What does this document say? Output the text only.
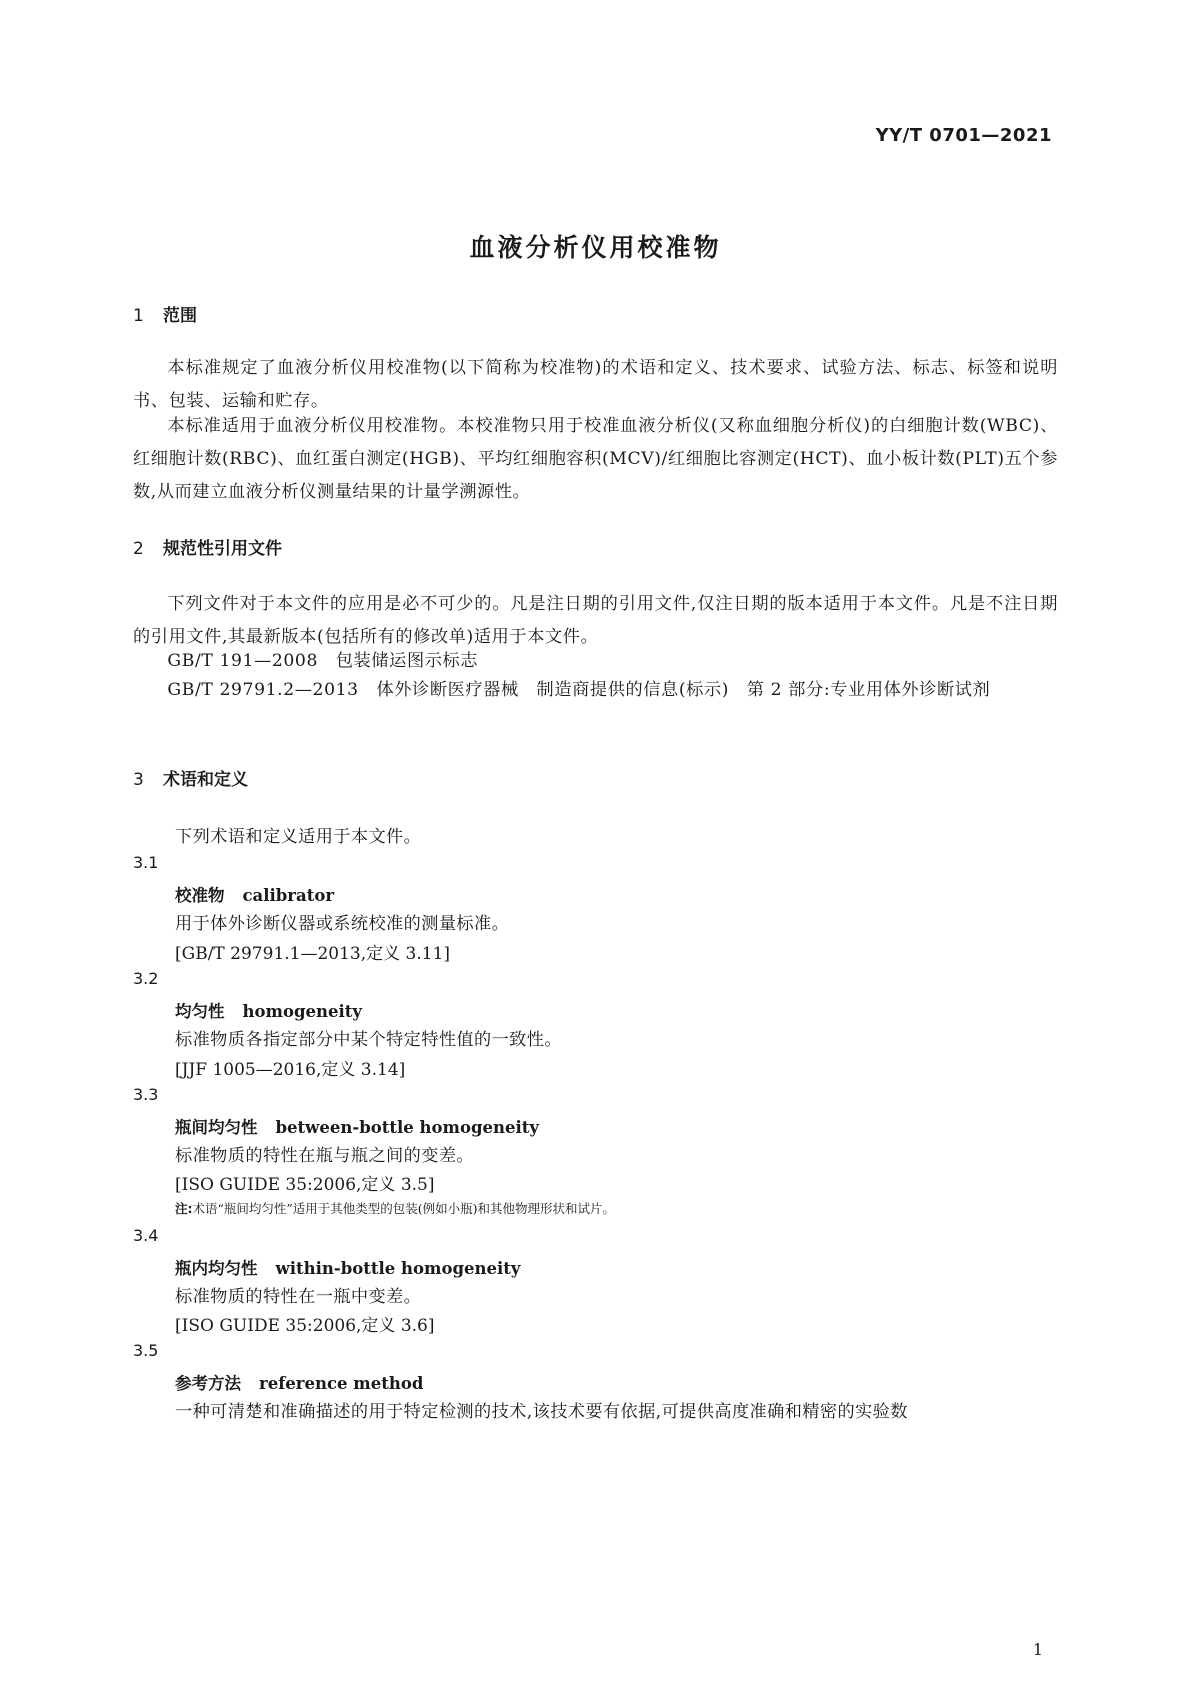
YY/T 0701—2021
血液分析仪用校准物
1 范围

本标准规定了血液分析仪用校准物(以下简称为校准物)的术语和定义、技术要求、试验方法、标志、标签和说明书、包装、运输和贮存。

本标准适用于血液分析仪用校准物。本校准物只用于校准血液分析仪(又称血细胞分析仪)的白细胞计数(WBC)、红细胞计数(RBC)、血红蛋白测定(HGB)、平均红细胞容积(MCV)/红细胞比容测定(HCT)、血小板计数(PLT)五个参数,从而建立血液分析仪测量结果的计量学溯源性。

2 规范性引用文件

下列文件对于本文件的应用是必不可少的。凡是注日期的引用文件,仅注日期的版本适用于本文件。凡是不注日期的引用文件,其最新版本(包括所有的修改单)适用于本文件。

GB/T 191—2008　包装储运图示标志

GB/T 29791.2—2013　体外诊断医疗器械　制造商提供的信息(标示)　第 2 部分:专业用体外诊断试剂

3 术语和定义
下列术语和定义适用于本文件。
3.1
校准物 calibrator
用于体外诊断仪器或系统校准的测量标准。
[GB/T 29791.1—2013,定义 3.11]
3.2
均匀性 homogeneity
标准物质各指定部分中某个特定特性值的一致性。
[JJF 1005—2016,定义 3.14]
3.3
瓶间均匀性 between-bottle homogeneity
标准物质的特性在瓶与瓶之间的变差。
[ISO GUIDE 35:2006,定义 3.5]
注:术语“瓶间均匀性”适用于其他类型的包装(例如小瓶)和其他物理形状和试片。
3.4
瓶内均匀性 within-bottle homogeneity
标准物质的特性在一瓶中变差。
[ISO GUIDE 35:2006,定义 3.6]
3.5
参考方法 reference method
一种可清楚和准确描述的用于特定检测的技术,该技术要有依据,可提供高度准确和精密的实验数
1
